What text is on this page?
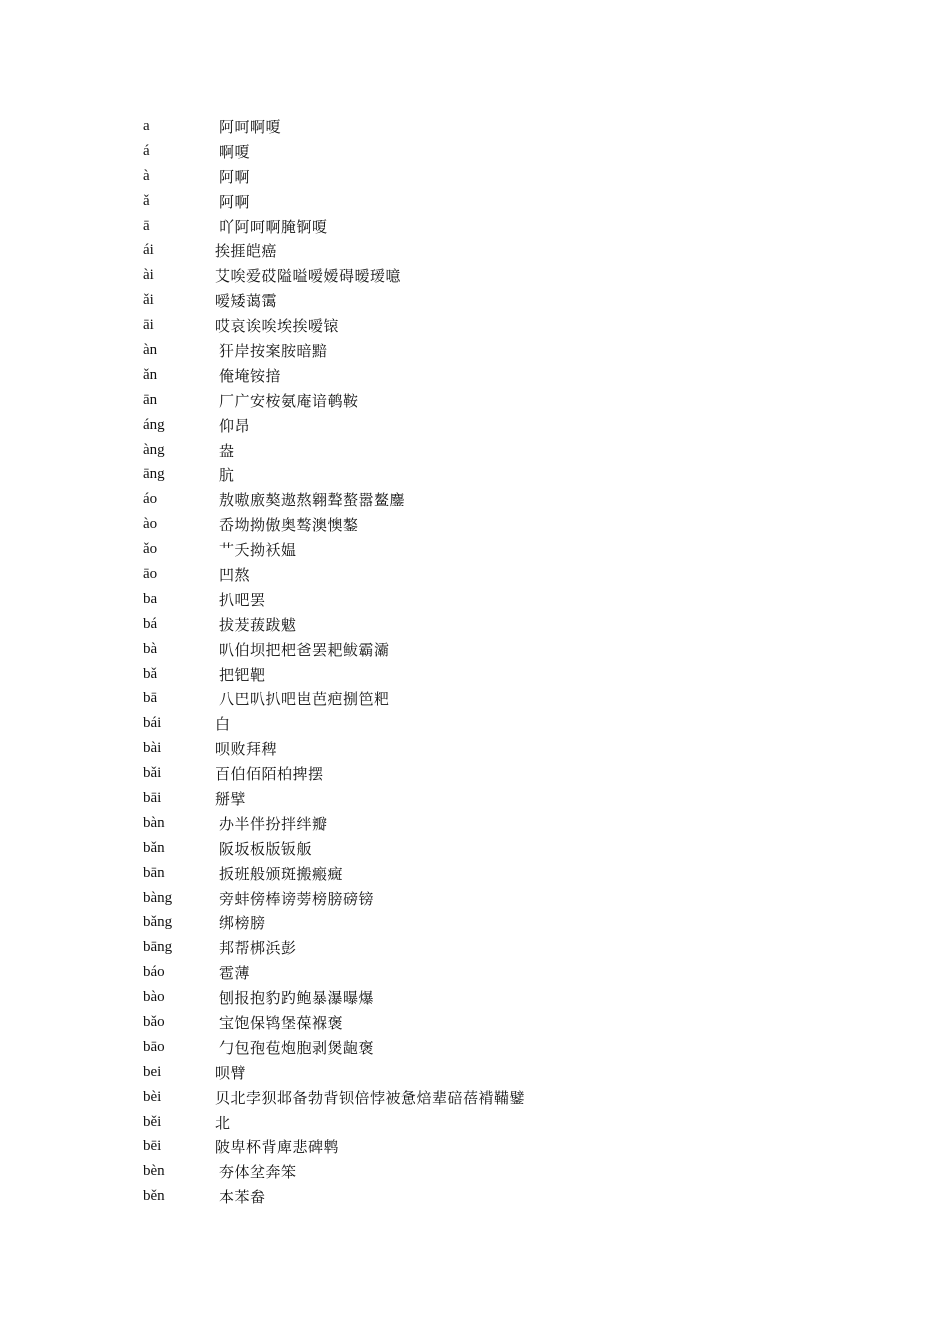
a	阿呵啊嗄
á	啊嗄
à	阿啊
ǎ	阿啊
ā	吖阿呵啊腌锕嗄
ái	挨捱皑癌
ài	艾唉爱砹隘嗌嗳嫒碍暧瑷噫
ǎi	嗳矮蔼霭
āi	哎哀诶唉埃挨嗳锿
àn	犴岸按案胺暗黯
ǎn	俺埯铵揞
ān	厂广安桉氨庵谙鹌鞍
áng	仰昂
àng	盎
āng	肮
áo	敖嗷廒獒遨熬翱聱螯嚣鳌鏖
ào	岙坳拗傲奥骜澳懊鏊
ǎo	艹夭拗袄媪
āo	凹熬
ba	扒吧罢
bá	拔茇菝跋魃
bà	叭伯坝把杷爸罢耙鲅霸灞
bǎ	把钯靶
bā	八巴叭扒吧岜芭疤捌笆粑
bái	白
bài	呗败拜稗
bǎi	百伯佰陌柏捭摆
bāi	掰擘
bàn	办半伴扮拌绊瓣
bǎn	阪坂板版钣舨
bān	扳班般颁斑搬瘢癍
bàng	旁蚌傍棒谤蒡榜膀磅镑
bǎng	绑榜膀
bāng	邦帮梆浜彭
báo	雹薄
bào	刨报抱豹趵鲍暴瀑曝爆
bǎo	宝饱保鸨堡葆褓褒
bāo	勹包孢苞炮胞剥煲龅褒
bei	呗臂
bèi	贝北孛狈邶备勃背钡倍悖被惫焙辈碚蓓褙鞴鐾
běi	北
bēi	陂卑杯背庳悲碑鹎
bèn	夯体坌奔笨
běn	本苯畚
